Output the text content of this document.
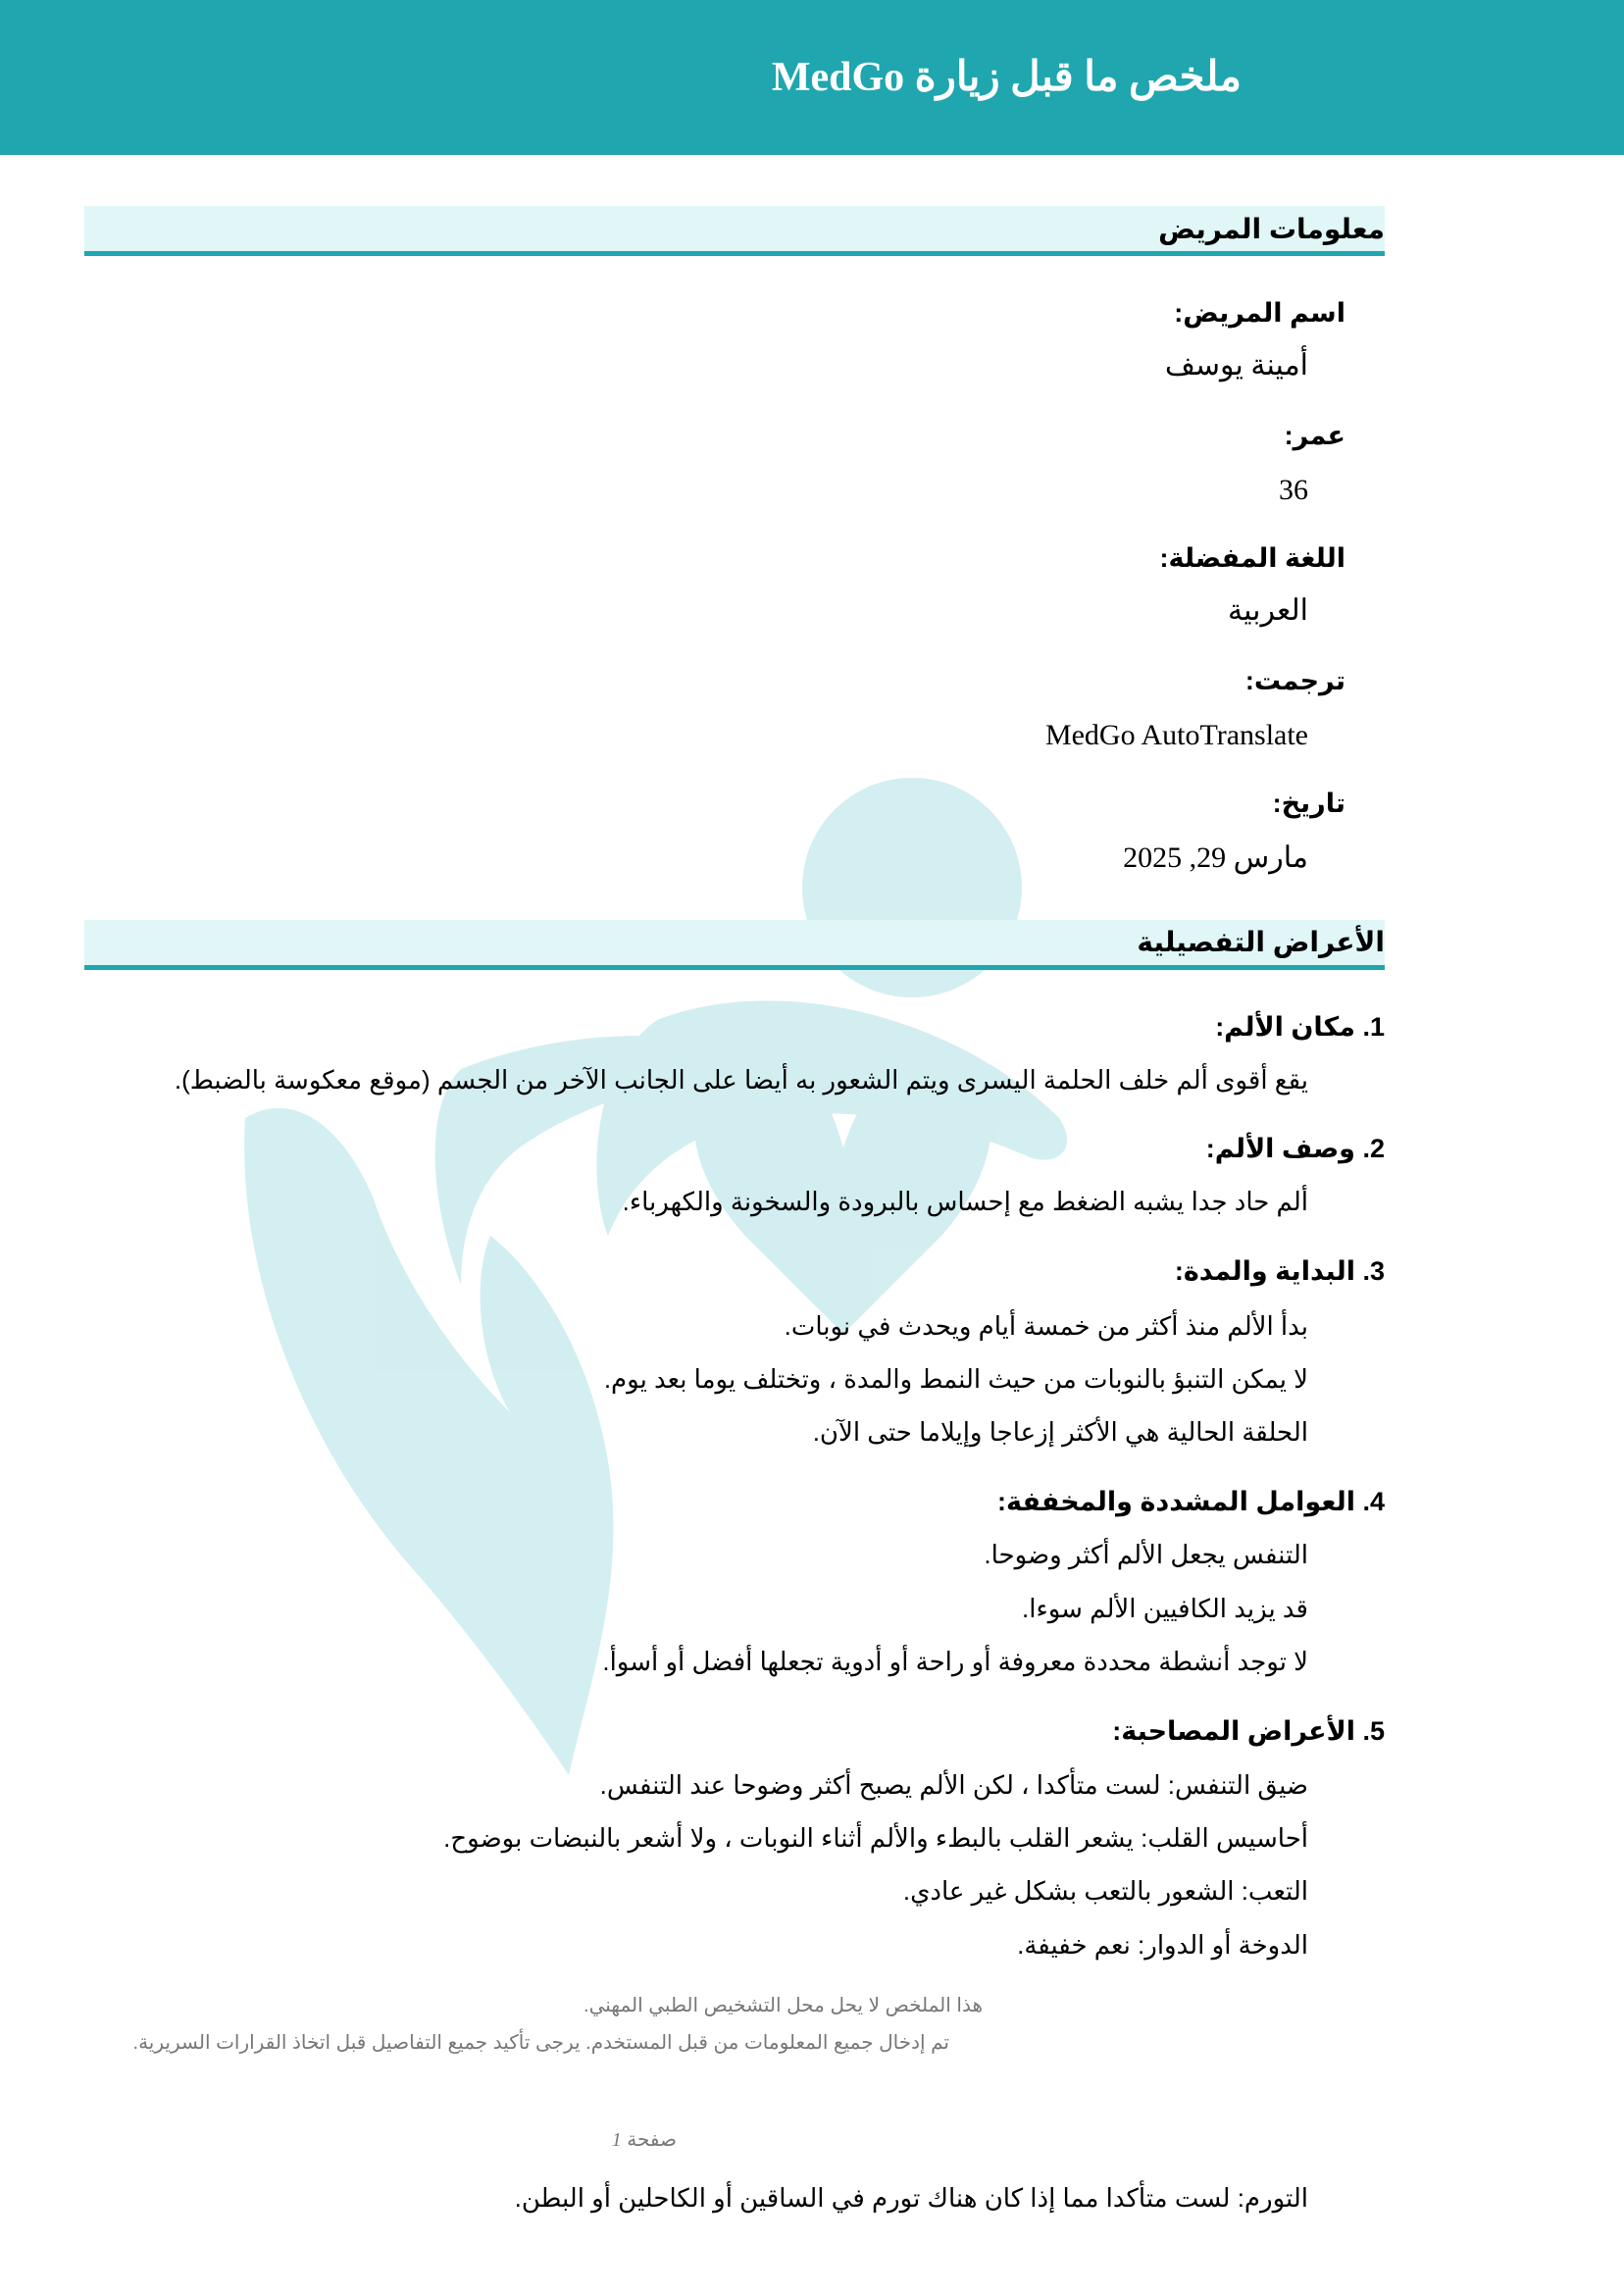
ملخص ما قبل زيارة MedGo
معلومات المريض
اسم المريض:
أمينة يوسف
عمر:
36
اللغة المفضلة:
العربية
ترجمت:
MedGo AutoTranslate
تاريخ:
مارس 29, 2025
الأعراض التفصيلية
1. مكان الألم:
يقع أقوى ألم خلف الحلمة اليسرى ويتم الشعور به أيضا على الجانب الآخر من الجسم (موقع معكوسة بالضبط).
2. وصف الألم:
ألم حاد جدا يشبه الضغط مع إحساس بالبرودة والسخونة والكهرباء.
3. البداية والمدة:
بدأ الألم منذ أكثر من خمسة أيام ويحدث في نوبات.
لا يمكن التنبؤ بالنوبات من حيث النمط والمدة ، وتختلف يوما بعد يوم.
الحلقة الحالية هي الأكثر إزعاجا وإيلاما حتى الآن.
4. العوامل المشددة والمخففة:
التنفس يجعل الألم أكثر وضوحا.
قد يزيد الكافيين الألم سوءا.
لا توجد أنشطة محددة معروفة أو راحة أو أدوية تجعلها أفضل أو أسوأ.
5. الأعراض المصاحبة:
ضيق التنفس: لست متأكدا ، لكن الألم يصبح أكثر وضوحا عند التنفس.
أحاسيس القلب: يشعر القلب بالبطء والألم أثناء النوبات ، ولا أشعر بالنبضات بوضوح.
التعب: الشعور بالتعب بشكل غير عادي.
الدوخة أو الدوار: نعم خفيفة.
هذا الملخص لا يحل محل التشخيص الطبي المهني.
تم إدخال جميع المعلومات من قبل المستخدم. يرجى تأكيد جميع التفاصيل قبل اتخاذ القرارات السريرية.
صفحة 1
التورم: لست متأكدا مما إذا كان هناك تورم في الساقين أو الكاحلين أو البطن.
